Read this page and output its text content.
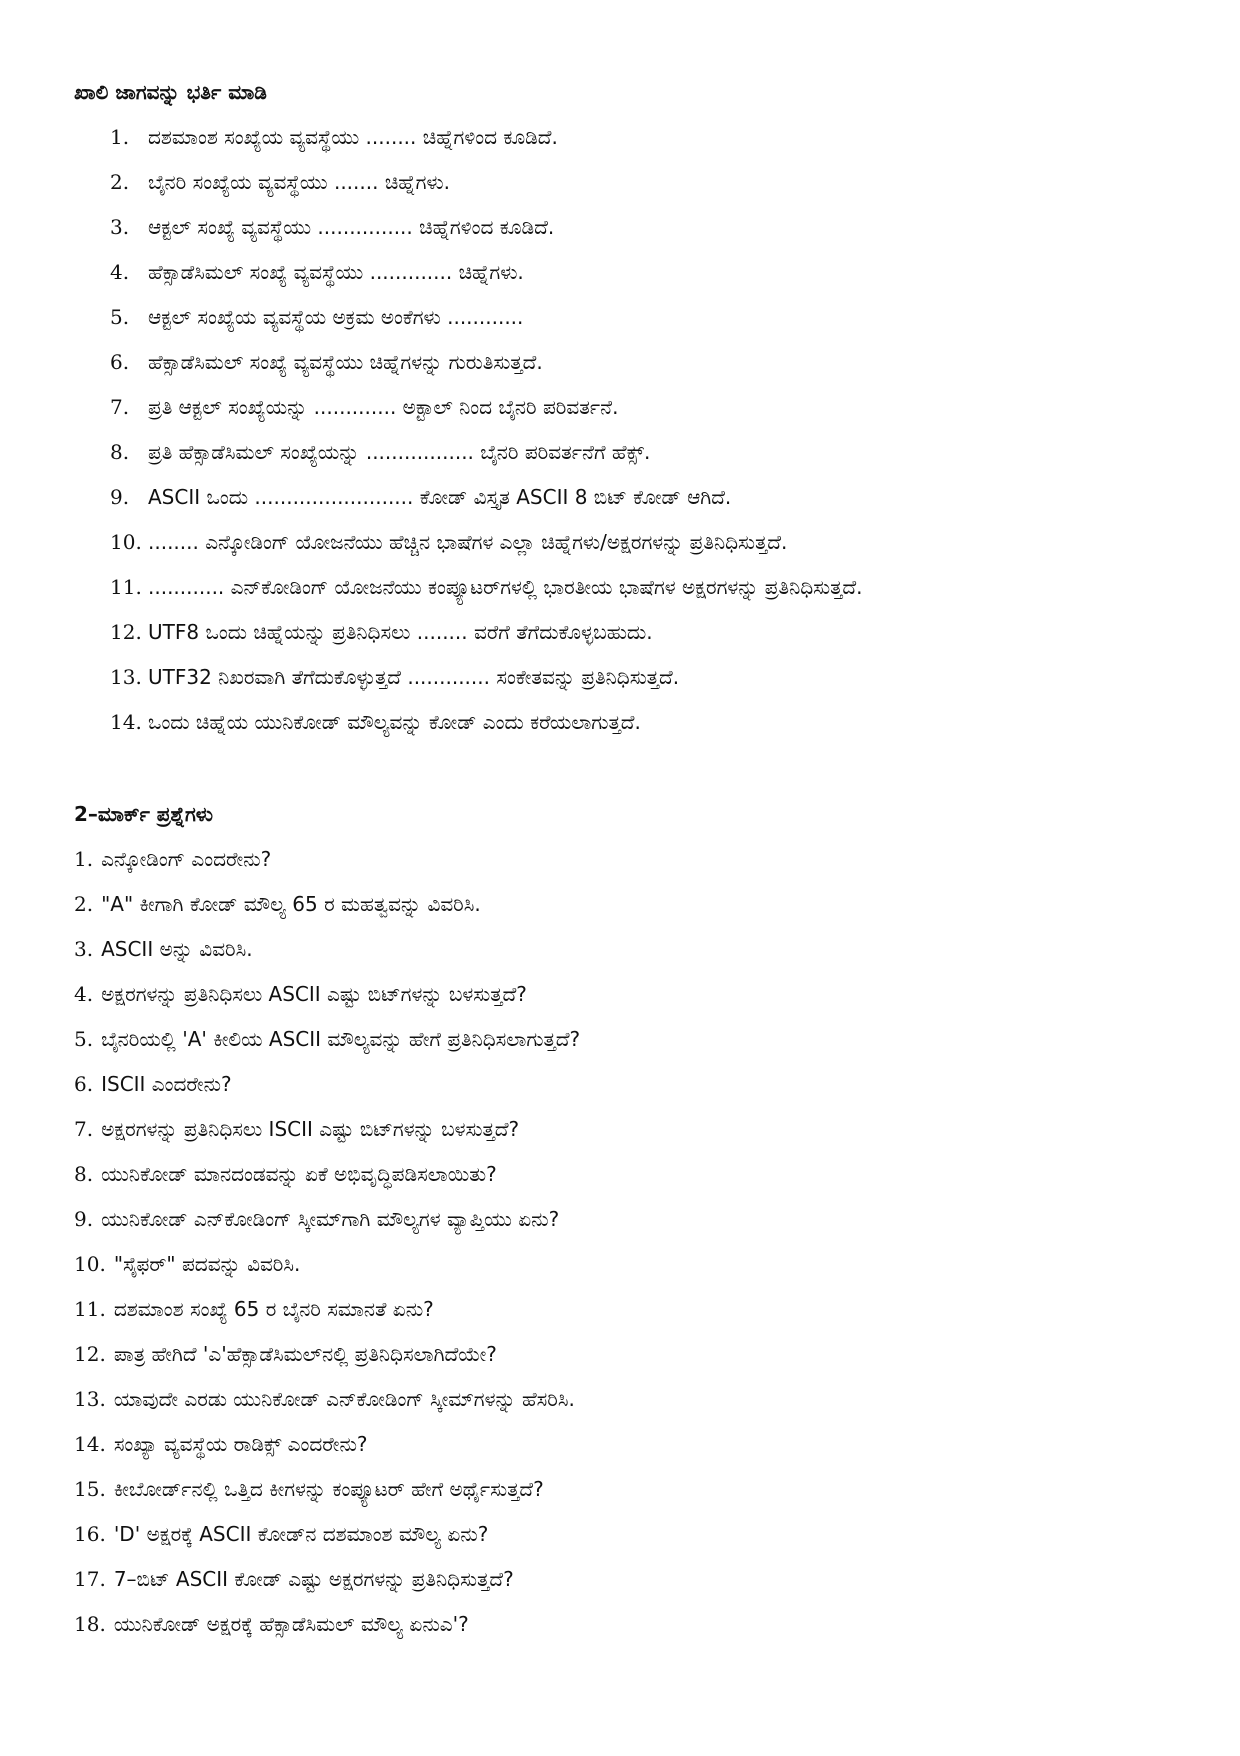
ಖಾಲಿ ಜಾಗವನ್ನು ಭರ್ತಿ ಮಾಡಿ
1. ದಶಮಾಂಶ ಸಂಖ್ಯೆಯ ವ್ಯವಸ್ಥೆಯು ........ ಚಿಹ್ನೆಗಳಿಂದ ಕೂಡಿದೆ.
2. ಬೈನರಿ ಸಂಖ್ಯೆಯ ವ್ಯವಸ್ಥೆಯು ....... ಚಿಹ್ನೆಗಳು.
3. ಆಕ್ಟಲ್ ಸಂಖ್ಯೆ ವ್ಯವಸ್ಥೆಯು ............... ಚಿಹ್ನೆಗಳಿಂದ ಕೂಡಿದೆ.
4. ಹೆಕ್ಸಾಡೆಸಿಮಲ್ ಸಂಖ್ಯೆ ವ್ಯವಸ್ಥೆಯು ............. ಚಿಹ್ನೆಗಳು.
5. ಆಕ್ಟಲ್ ಸಂಖ್ಯೆಯ ವ್ಯವಸ್ಥೆಯ ಅಕ್ರಮ ಅಂಕೆಗಳು ............
6. ಹೆಕ್ಸಾಡೆಸಿಮಲ್ ಸಂಖ್ಯೆ ವ್ಯವಸ್ಥೆಯು ಚಿಹ್ನೆಗಳನ್ನು ಗುರುತಿಸುತ್ತದೆ.
7. ಪ್ರತಿ ಆಕ್ಟಲ್ ಸಂಖ್ಯೆಯನ್ನು ............. ಅಕ್ಟಾಲ್ ನಿಂದ ಬೈನರಿ ಪರಿವರ್ತನೆ.
8. ಪ್ರತಿ ಹೆಕ್ಸಾಡೆಸಿಮಲ್ ಸಂಖ್ಯೆಯನ್ನು ................. ಬೈನರಿ ಪರಿವರ್ತನೆಗೆ ಹೆಕ್ಸ್.
9. ASCII ಒಂದು ......................... ಕೋಡ್ ವಿಸ್ತೃತ ASCII 8 ಬಿಟ್ ಕೋಡ್ ಆಗಿದೆ.
10. ........ ಎನ್ಕೋಡಿಂಗ್ ಯೋಜನೆಯು ಹೆಚ್ಚಿನ ಭಾಷೆಗಳ ಎಲ್ಲಾ ಚಿಹ್ನೆಗಳು/ಅಕ್ಷರಗಳನ್ನು ಪ್ರತಿನಿಧಿಸುತ್ತದೆ.
11. ............ ಎನ್‌ಕೋಡಿಂಗ್ ಯೋಜನೆಯು ಕಂಪ್ಯೂಟರ್‌ಗಳಲ್ಲಿ ಭಾರತೀಯ ಭಾಷೆಗಳ ಅಕ್ಷರಗಳನ್ನು ಪ್ರತಿನಿಧಿಸುತ್ತದೆ.
12. UTF8 ಒಂದು ಚಿಹ್ನೆಯನ್ನು ಪ್ರತಿನಿಧಿಸಲು ........ ವರೆಗೆ ತೆಗೆದುಕೊಳ್ಳಬಹುದು.
13. UTF32 ನಿಖರವಾಗಿ ತೆಗೆದುಕೊಳ್ಳುತ್ತದೆ ............. ಸಂಕೇತವನ್ನು ಪ್ರತಿನಿಧಿಸುತ್ತದೆ.
14. ಒಂದು ಚಿಹ್ನೆಯ ಯುನಿಕೋಡ್ ಮೌಲ್ಯವನ್ನು ಕೋಡ್ ಎಂದು ಕರೆಯಲಾಗುತ್ತದೆ.
2–ಮಾರ್ಕ್ ಪ್ರಶ್ನೆಗಳು
1. ಎನ್ಕೋಡಿಂಗ್ ಎಂದರೇನು?
2. "A" ಕೀಗಾಗಿ ಕೋಡ್ ಮೌಲ್ಯ 65 ರ ಮಹತ್ವವನ್ನು ವಿವರಿಸಿ.
3. ASCII ಅನ್ನು ವಿವರಿಸಿ.
4. ಅಕ್ಷರಗಳನ್ನು ಪ್ರತಿನಿಧಿಸಲು ASCII ಎಷ್ಟು ಬಿಟ್‌ಗಳನ್ನು ಬಳಸುತ್ತದೆ?
5. ಬೈನರಿಯಲ್ಲಿ 'A' ಕೀಲಿಯ ASCII ಮೌಲ್ಯವನ್ನು ಹೇಗೆ ಪ್ರತಿನಿಧಿಸಲಾಗುತ್ತದೆ?
6. ISCII ಎಂದರೇನು?
7. ಅಕ್ಷರಗಳನ್ನು ಪ್ರತಿನಿಧಿಸಲು ISCII ಎಷ್ಟು ಬಿಟ್‌ಗಳನ್ನು ಬಳಸುತ್ತದೆ?
8. ಯುನಿಕೋಡ್ ಮಾನದಂಡವನ್ನು ಏಕೆ ಅಭಿವೃದ್ಧಿಪಡಿಸಲಾಯಿತು?
9. ಯುನಿಕೋಡ್ ಎನ್‌ಕೋಡಿಂಗ್ ಸ್ಕೀಮ್‌ಗಾಗಿ ಮೌಲ್ಯಗಳ ವ್ಯಾಪ್ತಿಯು ಏನು?
10. "ಸೈಫರ್" ಪದವನ್ನು ವಿವರಿಸಿ.
11. ದಶಮಾಂಶ ಸಂಖ್ಯೆ 65 ರ ಬೈನರಿ ಸಮಾನತೆ ಏನು?
12. ಪಾತ್ರ ಹೇಗಿದೆ 'ಎ'ಹೆಕ್ಸಾಡೆಸಿಮಲ್‌ನಲ್ಲಿ ಪ್ರತಿನಿಧಿಸಲಾಗಿದೆಯೇ?
13. ಯಾವುದೇ ಎರಡು ಯುನಿಕೋಡ್ ಎನ್‌ಕೋಡಿಂಗ್ ಸ್ಕೀಮ್‌ಗಳನ್ನು ಹೆಸರಿಸಿ.
14. ಸಂಖ್ಯಾ ವ್ಯವಸ್ಥೆಯ ರಾಡಿಕ್ಸ್ ಎಂದರೇನು?
15. ಕೀಬೋರ್ಡ್‌ನಲ್ಲಿ ಒತ್ತಿದ ಕೀಗಳನ್ನು ಕಂಪ್ಯೂಟರ್ ಹೇಗೆ ಅರ್ಥೈಸುತ್ತದೆ?
16. 'D' ಅಕ್ಷರಕ್ಕೆ ASCII ಕೋಡ್‌ನ ದಶಮಾಂಶ ಮೌಲ್ಯ ಏನು?
17. 7–ಬಿಟ್ ASCII ಕೋಡ್ ಎಷ್ಟು ಅಕ್ಷರಗಳನ್ನು ಪ್ರತಿನಿಧಿಸುತ್ತದೆ?
18. ಯುನಿಕೋಡ್ ಅಕ್ಷರಕ್ಕೆ ಹೆಕ್ಸಾಡೆಸಿಮಲ್ ಮೌಲ್ಯ ಏನುಎ'?
